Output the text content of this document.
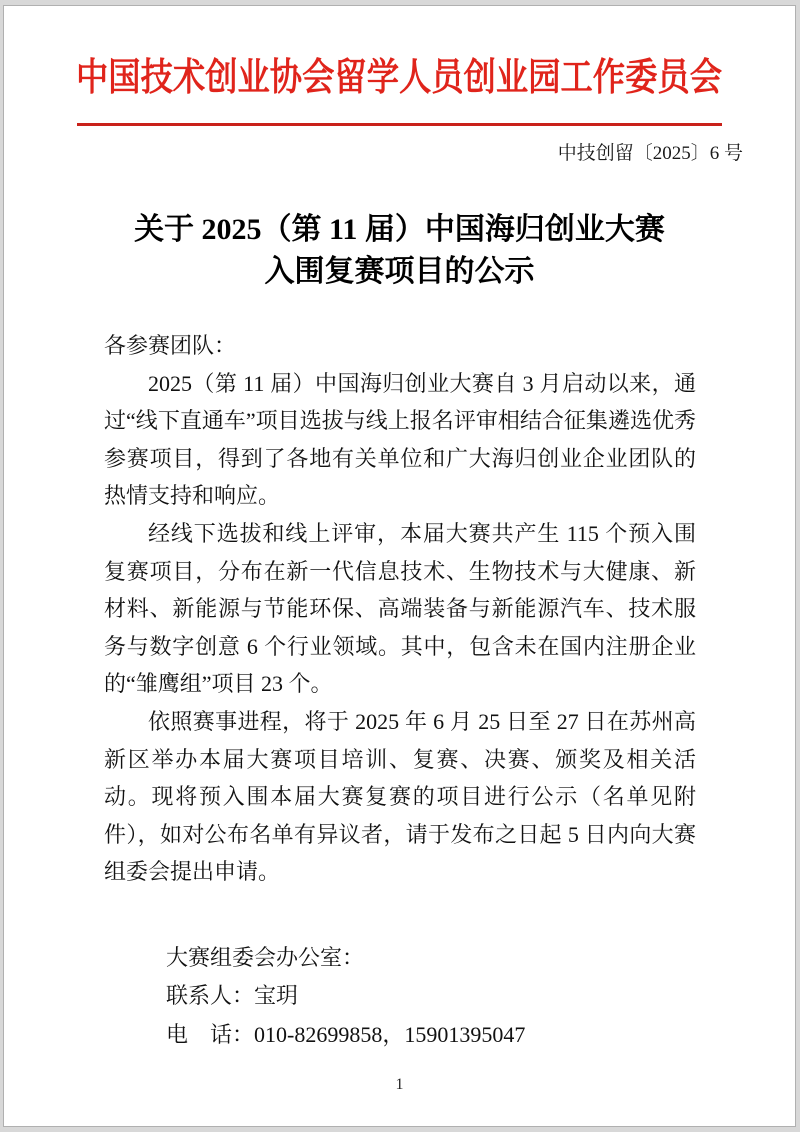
中国技术创业协会留学人员创业园工作委员会
中技创留〔2025〕6 号
关于 2025（第 11 届）中国海归创业大赛
入围复赛项目的公示

各参赛团队：

2025（第 11 届）中国海归创业大赛自 3 月启动以来，通过“线下直通车”项目选拔与线上报名评审相结合征集遴选优秀参赛项目，得到了各地有关单位和广大海归创业企业团队的热情支持和响应。

经线下选拔和线上评审，本届大赛共产生 115 个预入围复赛项目，分布在新一代信息技术、生物技术与大健康、新材料、新能源与节能环保、高端装备与新能源汽车、技术服务与数字创意 6 个行业领域。其中，包含未在国内注册企业的“雏鹰组”项目 23 个。

依照赛事进程，将于 2025 年 6 月 25 日至 27 日在苏州高新区举办本届大赛项目培训、复赛、决赛、颁奖及相关活动。现将预入围本届大赛复赛的项目进行公示（名单见附件），如对公布名单有异议者，请于发布之日起 5 日内向大赛组委会提出申请。

大赛组委会办公室：
联系人：宝玥
电　话：010-82699858，15901395047
1
